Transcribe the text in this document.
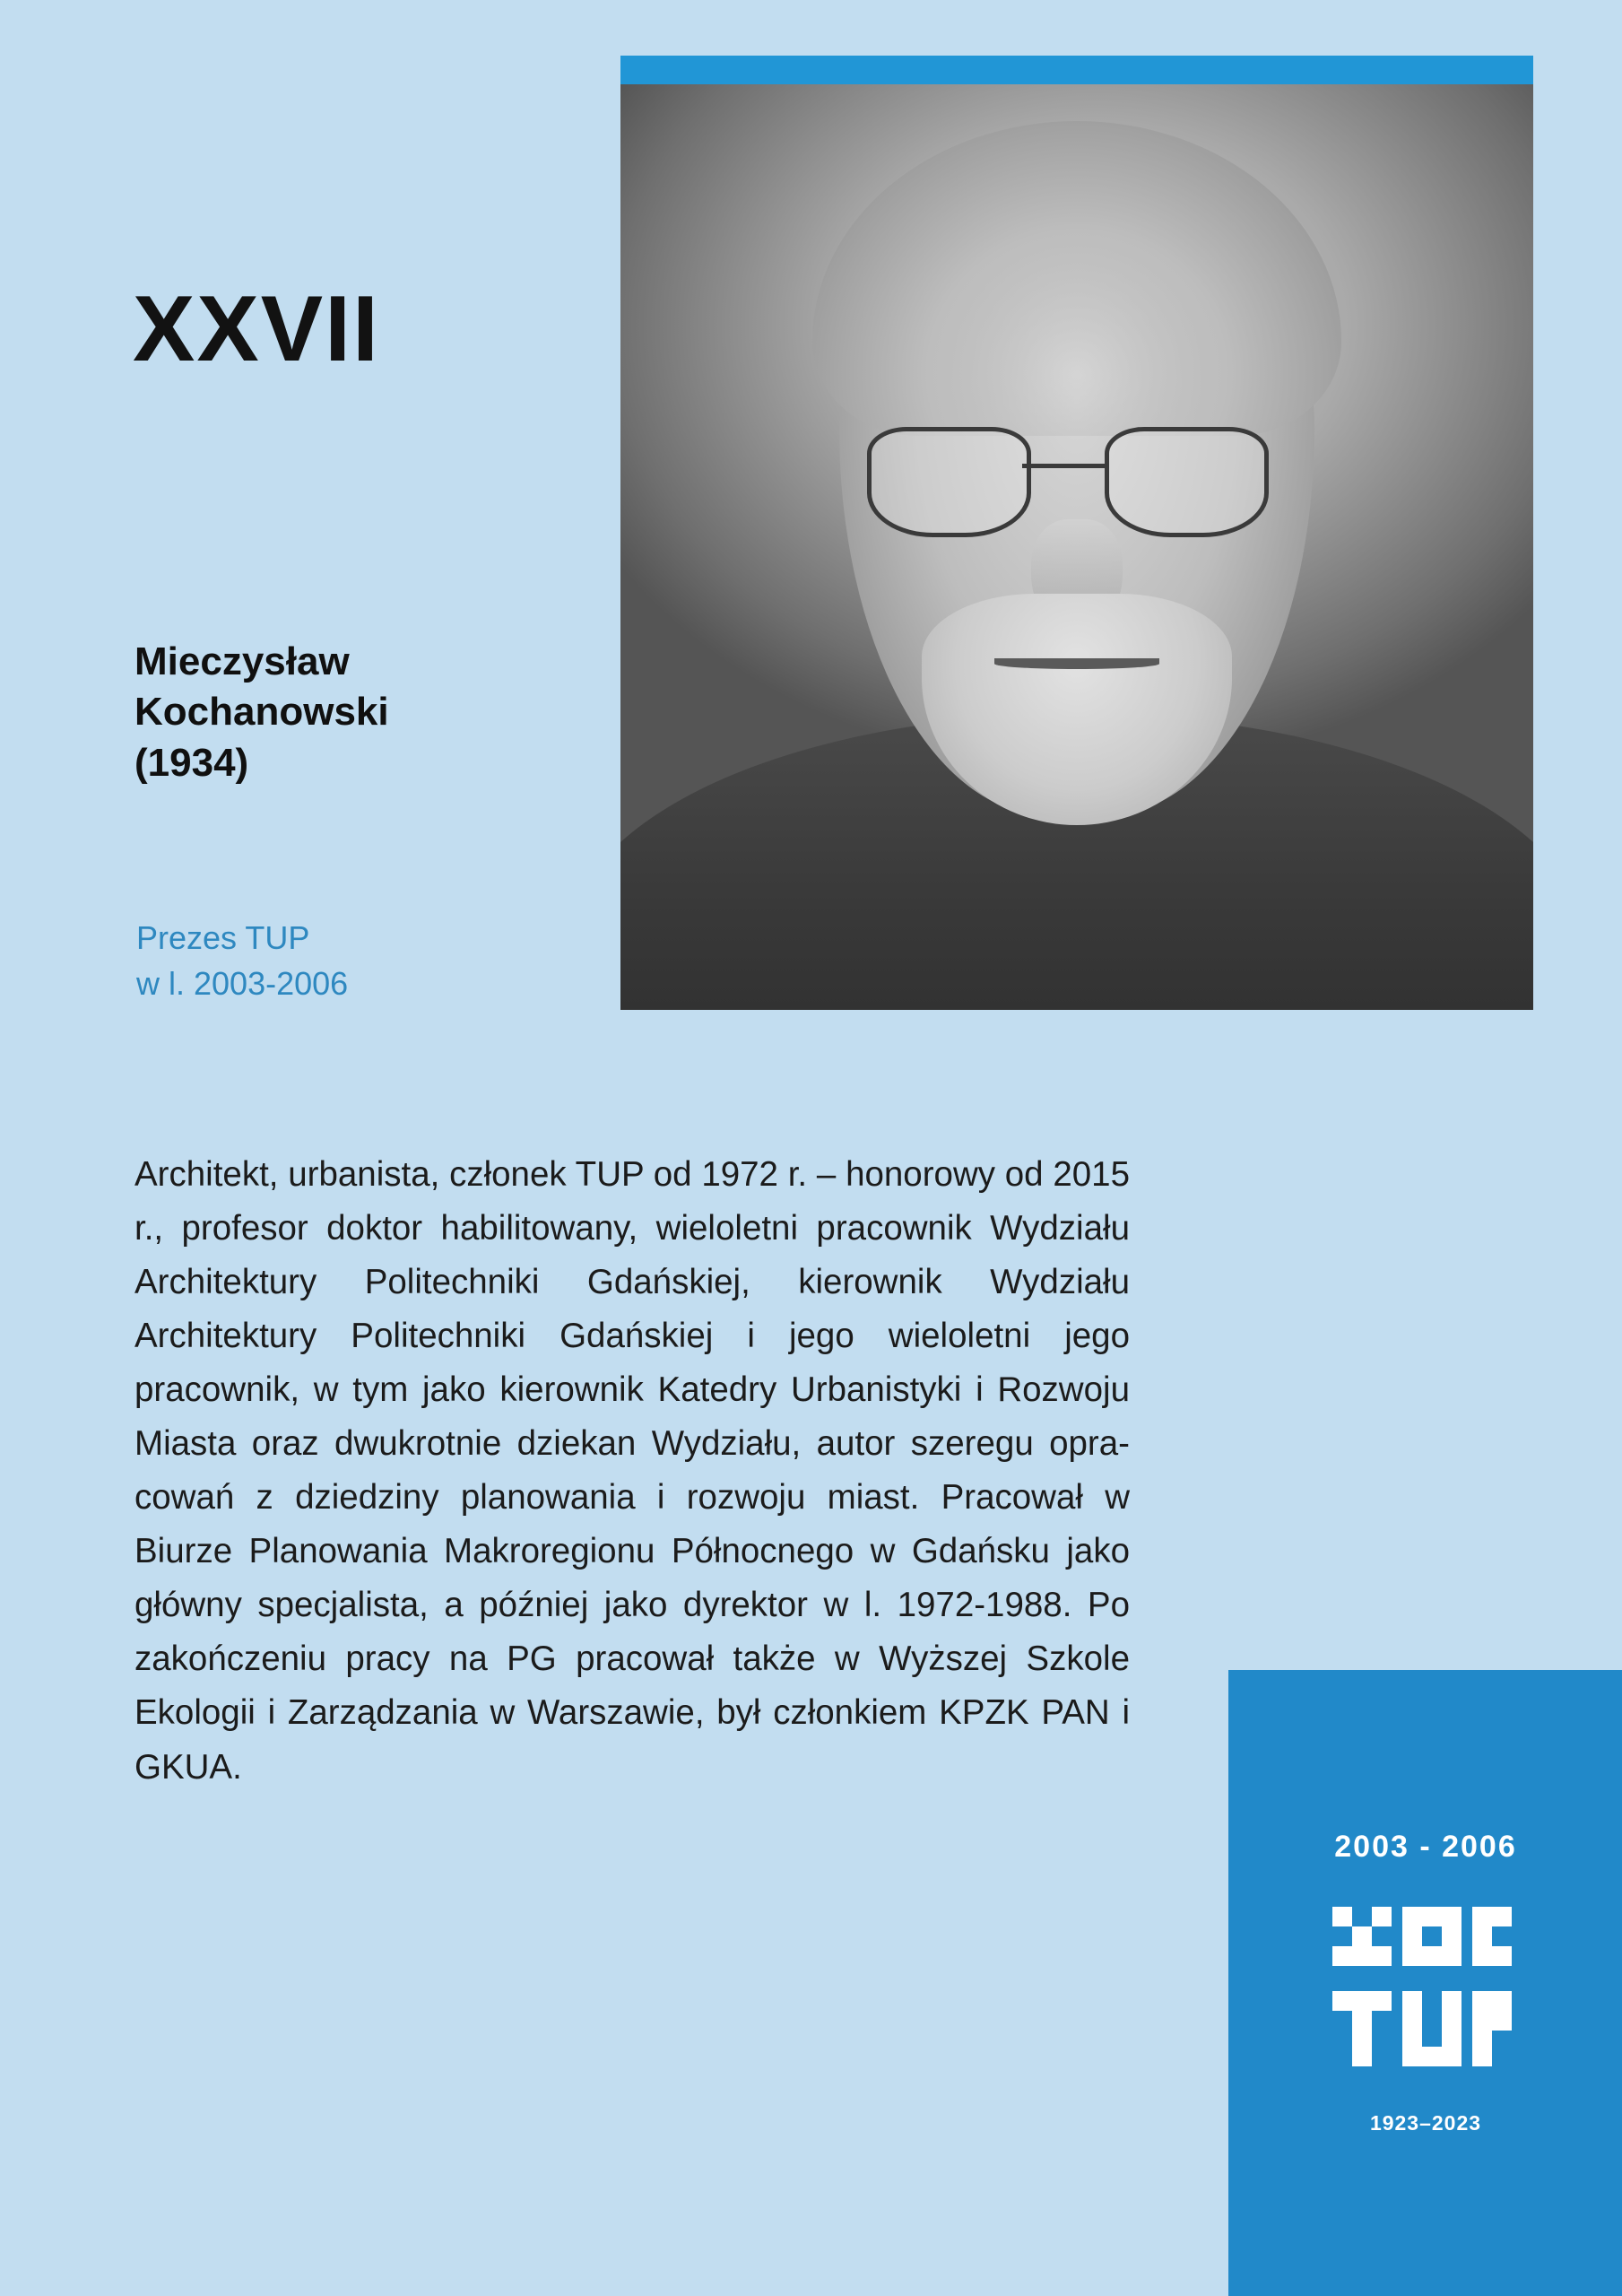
XXVII
Mieczysław
Kochanowski
(1934)
Prezes TUP
w l. 2003-2006
Architekt, urbanista, członek TUP od 1972 r. – honorowy od 2015 r., profesor doktor habilitowany, wieloletni pracownik Wydziału Architektury Politechniki Gdańskiej, kierownik Wydziału Architektury Politechniki Gdańskiej i jego wieloletni jego pracownik, w tym jako kierownik Katedry Urbanistyki i Rozwoju Miasta oraz dwukrotnie dziekan Wydziału, autor szeregu opracowań z dziedziny planowania i rozwoju miast. Pracował w Biurze Planowania Makroregionu Północnego w Gdańsku jako główny specjalista, a później jako dyrektor w l. 1972-1988. Po zakończeniu pracy na PG pracował także w Wyższej Szkole Ekologii i Zarządzania w Warszawie, był członkiem KPZK PAN i GKUA.
2003 - 2006
1923–2023
